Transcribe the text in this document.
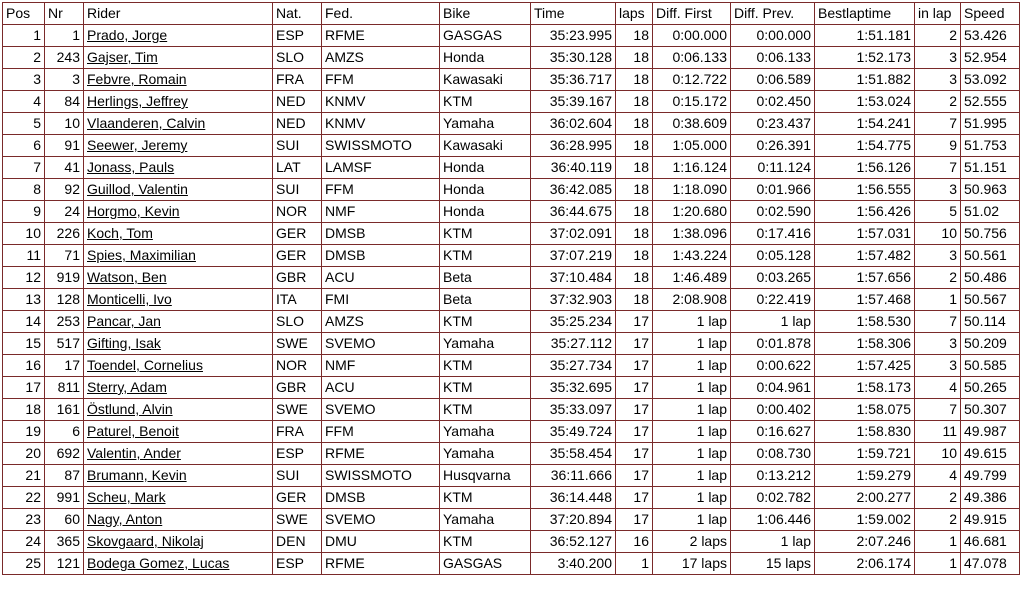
Pos	Nr	Rider	Nat.	Fed.	Bike	Time	laps	Diff. First	Diff. Prev.	Bestlaptime	in lap	Speed
1	1	Prado, Jorge	ESP	RFME	GASGAS	35:23.995	18	0:00.000	0:00.000	1:51.181	2	53.426
2	243	Gajser, Tim	SLO	AMZS	Honda	35:30.128	18	0:06.133	0:06.133	1:52.173	3	52.954
3	3	Febvre, Romain	FRA	FFM	Kawasaki	35:36.717	18	0:12.722	0:06.589	1:51.882	3	53.092
4	84	Herlings, Jeffrey	NED	KNMV	KTM	35:39.167	18	0:15.172	0:02.450	1:53.024	2	52.555
5	10	Vlaanderen, Calvin	NED	KNMV	Yamaha	36:02.604	18	0:38.609	0:23.437	1:54.241	7	51.995
6	91	Seewer, Jeremy	SUI	SWISSMOTO	Kawasaki	36:28.995	18	1:05.000	0:26.391	1:54.775	9	51.753
7	41	Jonass, Pauls	LAT	LAMSF	Honda	36:40.119	18	1:16.124	0:11.124	1:56.126	7	51.151
8	92	Guillod, Valentin	SUI	FFM	Honda	36:42.085	18	1:18.090	0:01.966	1:56.555	3	50.963
9	24	Horgmo, Kevin	NOR	NMF	Honda	36:44.675	18	1:20.680	0:02.590	1:56.426	5	51.02
10	226	Koch, Tom	GER	DMSB	KTM	37:02.091	18	1:38.096	0:17.416	1:57.031	10	50.756
11	71	Spies, Maximilian	GER	DMSB	KTM	37:07.219	18	1:43.224	0:05.128	1:57.482	3	50.561
12	919	Watson, Ben	GBR	ACU	Beta	37:10.484	18	1:46.489	0:03.265	1:57.656	2	50.486
13	128	Monticelli, Ivo	ITA	FMI	Beta	37:32.903	18	2:08.908	0:22.419	1:57.468	1	50.567
14	253	Pancar, Jan	SLO	AMZS	KTM	35:25.234	17	1 lap	1 lap	1:58.530	7	50.114
15	517	Gifting, Isak	SWE	SVEMO	Yamaha	35:27.112	17	1 lap	0:01.878	1:58.306	3	50.209
16	17	Toendel, Cornelius	NOR	NMF	KTM	35:27.734	17	1 lap	0:00.622	1:57.425	3	50.585
17	811	Sterry, Adam	GBR	ACU	KTM	35:32.695	17	1 lap	0:04.961	1:58.173	4	50.265
18	161	Östlund, Alvin	SWE	SVEMO	KTM	35:33.097	17	1 lap	0:00.402	1:58.075	7	50.307
19	6	Paturel, Benoit	FRA	FFM	Yamaha	35:49.724	17	1 lap	0:16.627	1:58.830	11	49.987
20	692	Valentin, Ander	ESP	RFME	Yamaha	35:58.454	17	1 lap	0:08.730	1:59.721	10	49.615
21	87	Brumann, Kevin	SUI	SWISSMOTO	Husqvarna	36:11.666	17	1 lap	0:13.212	1:59.279	4	49.799
22	991	Scheu, Mark	GER	DMSB	KTM	36:14.448	17	1 lap	0:02.782	2:00.277	2	49.386
23	60	Nagy, Anton	SWE	SVEMO	Yamaha	37:20.894	17	1 lap	1:06.446	1:59.002	2	49.915
24	365	Skovgaard, Nikolaj	DEN	DMU	KTM	36:52.127	16	2 laps	1 lap	2:07.246	1	46.681
25	121	Bodega Gomez, Lucas	ESP	RFME	GASGAS	3:40.200	1	17 laps	15 laps	2:06.174	1	47.078
